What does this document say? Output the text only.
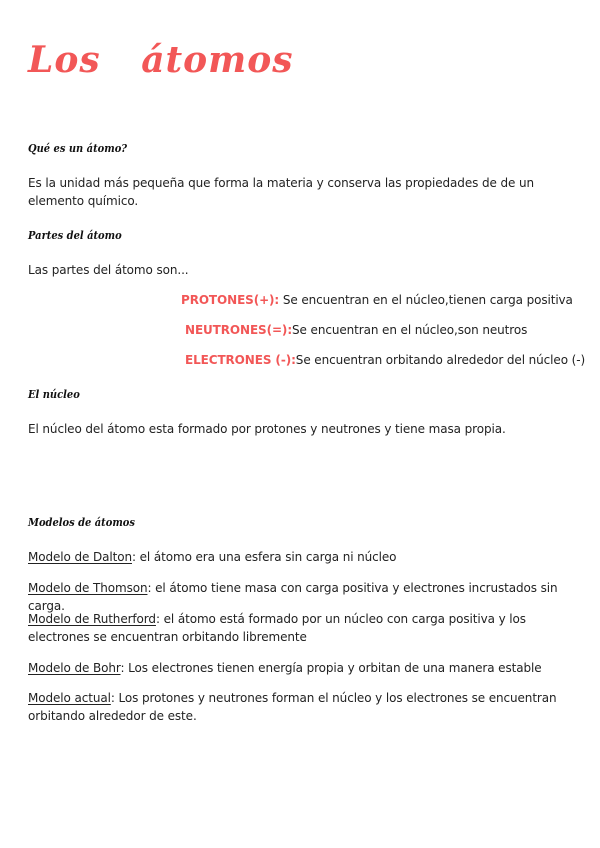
Los   átomos
Qué es un átomo?

Es la unidad más pequeña que forma la materia y conserva las propiedades de de un elemento químico.

Partes del átomo

Las partes del átomo son...

PROTONES(+): Se encuentran en el núcleo,tienen carga positiva

NEUTRONES(=):Se encuentran en el núcleo,son neutros

ELECTRONES (-):Se encuentran orbitando alrededor del núcleo (-)

El núcleo

El núcleo del átomo esta formado por protones y neutrones y tiene masa propia.

Modelos de átomos

Modelo de Dalton: el átomo era una esfera sin carga ni núcleo

Modelo de Thomson: el átomo tiene masa con carga positiva y electrones incrustados sin carga.

Modelo de Rutherford: el átomo está formado por un núcleo con carga positiva y los electrones se encuentran orbitando libremente

Modelo de Bohr: Los electrones tienen energía propia y orbitan de una manera estable

Modelo actual: Los protones y neutrones forman el núcleo y los electrones se encuentran orbitando alrededor de este.
